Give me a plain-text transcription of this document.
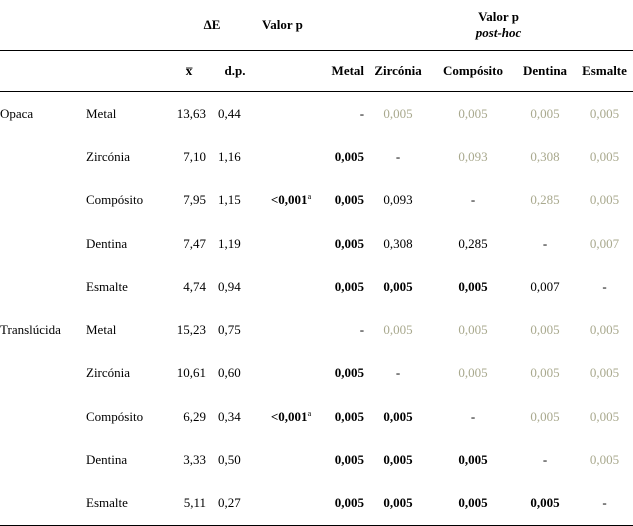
		ΔE		Valor p		Valor p
post-hoc			

		x̅	d.p.		Metal	Zircónia	Compósito	Dentina	Esmalte
Opaca	Metal	13,63	0,44		-	0,005	0,005	0,005	0,005
	Zircónia	7,10	1,16		0,005	-	0,093	0,308	0,005
	Compósito	7,95	1,15	<0,001$^a$	0,005	0,093	-	0,285	0,005
	Dentina	7,47	1,19		0,005	0,308	0,285	-	0,007
	Esmalte	4,74	0,94		0,005	0,005	0,005	0,007	-
Translúcida	Metal	15,23	0,75		-	0,005	0,005	0,005	0,005
	Zircónia	10,61	0,60		0,005	-	0,005	0,005	0,005
	Compósito	6,29	0,34	<0,001$^a$	0,005	0,005	-	0,005	0,005
	Dentina	3,33	0,50		0,005	0,005	0,005	-	0,005
	Esmalte	5,11	0,27		0,005	0,005	0,005	0,005	-
